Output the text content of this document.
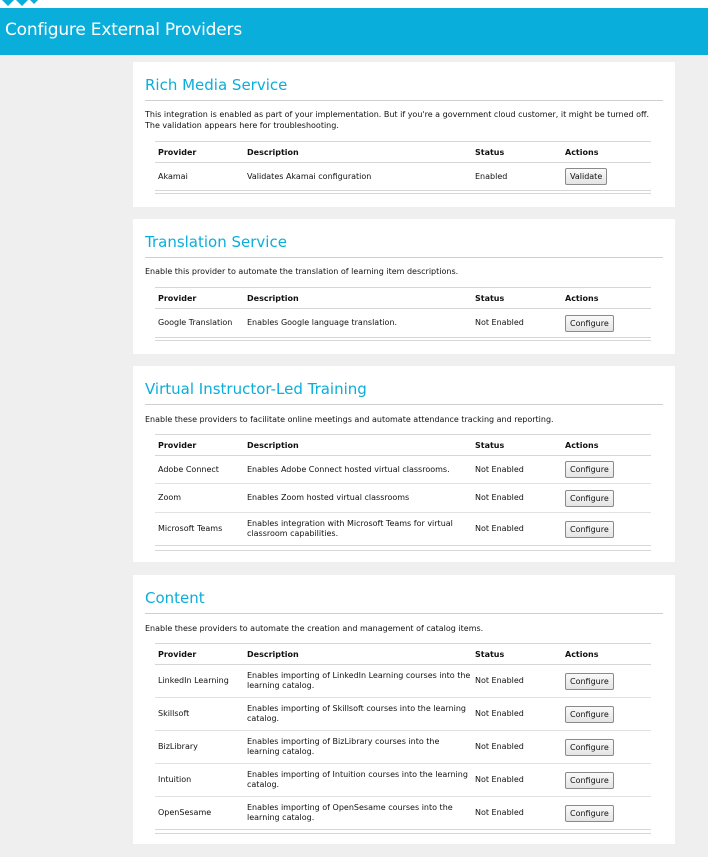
Configure External Providers
Rich Media Service
This integration is enabled as part of your implementation. But if you're a government cloud customer, it might be turned off. The validation appears here for troubleshooting.
Provider	Description	Status	Actions
Akamai	Validates Akamai configuration	Enabled	Validate
Translation Service
Enable this provider to automate the translation of learning item descriptions.
Provider	Description	Status	Actions
Google Translation	Enables Google language translation.	Not Enabled	Configure
Virtual Instructor-Led Training
Enable these providers to facilitate online meetings and automate attendance tracking and reporting.
Provider	Description	Status	Actions
Adobe Connect	Enables Adobe Connect hosted virtual classrooms.	Not Enabled	Configure
Zoom	Enables Zoom hosted virtual classrooms	Not Enabled	Configure
Microsoft Teams	Enables integration with Microsoft Teams for virtual classroom capabilities.	Not Enabled	Configure
Content
Enable these providers to automate the creation and management of catalog items.
Provider	Description	Status	Actions
LinkedIn Learning	Enables importing of LinkedIn Learning courses into the learning catalog.	Not Enabled	Configure
Skillsoft	Enables importing of Skillsoft courses into the learning catalog.	Not Enabled	Configure
BizLibrary	Enables importing of BizLibrary courses into the learning catalog.	Not Enabled	Configure
Intuition	Enables importing of Intuition courses into the learning catalog.	Not Enabled	Configure
OpenSesame	Enables importing of OpenSesame courses into the learning catalog.	Not Enabled	Configure
